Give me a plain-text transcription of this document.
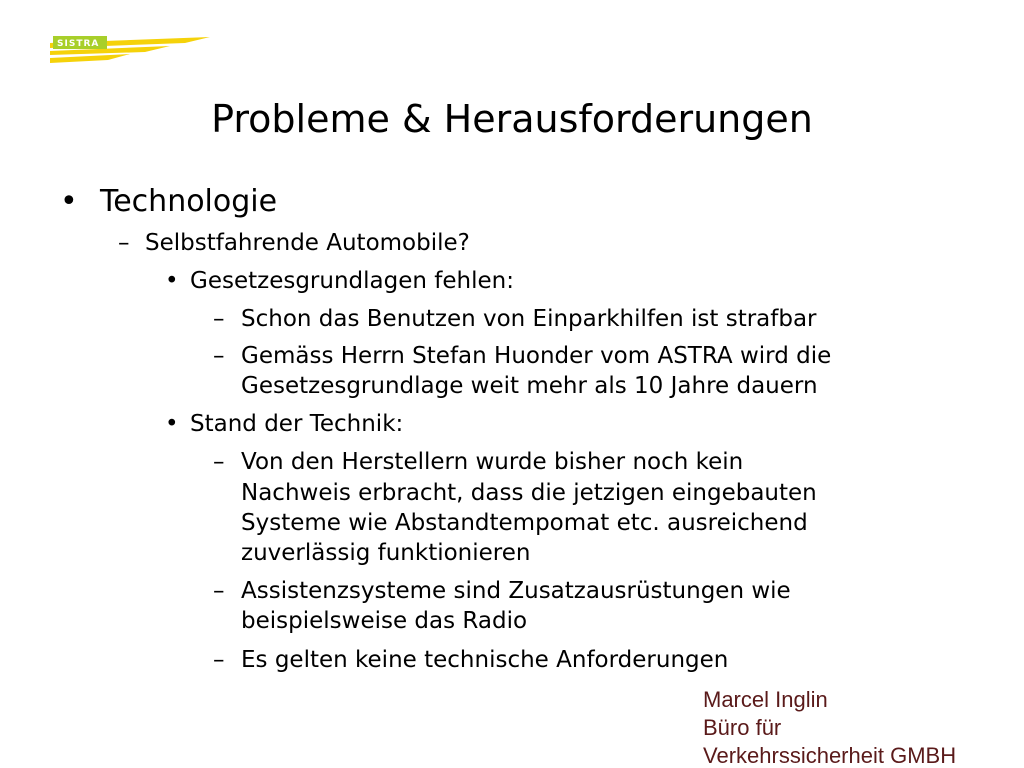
SISTRA
Probleme & Herausforderungen
• Technologie
– Selbstfahrende Automobile?
• Gesetzesgrundlagen fehlen:
– Schon das Benutzen von Einparkhilfen ist strafbar
– Gemäss Herrn Stefan Huonder vom ASTRA wird die
Gesetzesgrundlage weit mehr als 10 Jahre dauern
• Stand der Technik:
– Von den Herstellern wurde bisher noch kein
Nachweis erbracht, dass die jetzigen eingebauten
Systeme wie Abstandtempomat etc. ausreichend
zuverlässig funktionieren
– Assistenzsysteme sind Zusatzausrüstungen wie
beispielsweise das Radio
– Es gelten keine technische Anforderungen
Marcel Inglin
Büro für
Verkehrssicherheit GMBH
